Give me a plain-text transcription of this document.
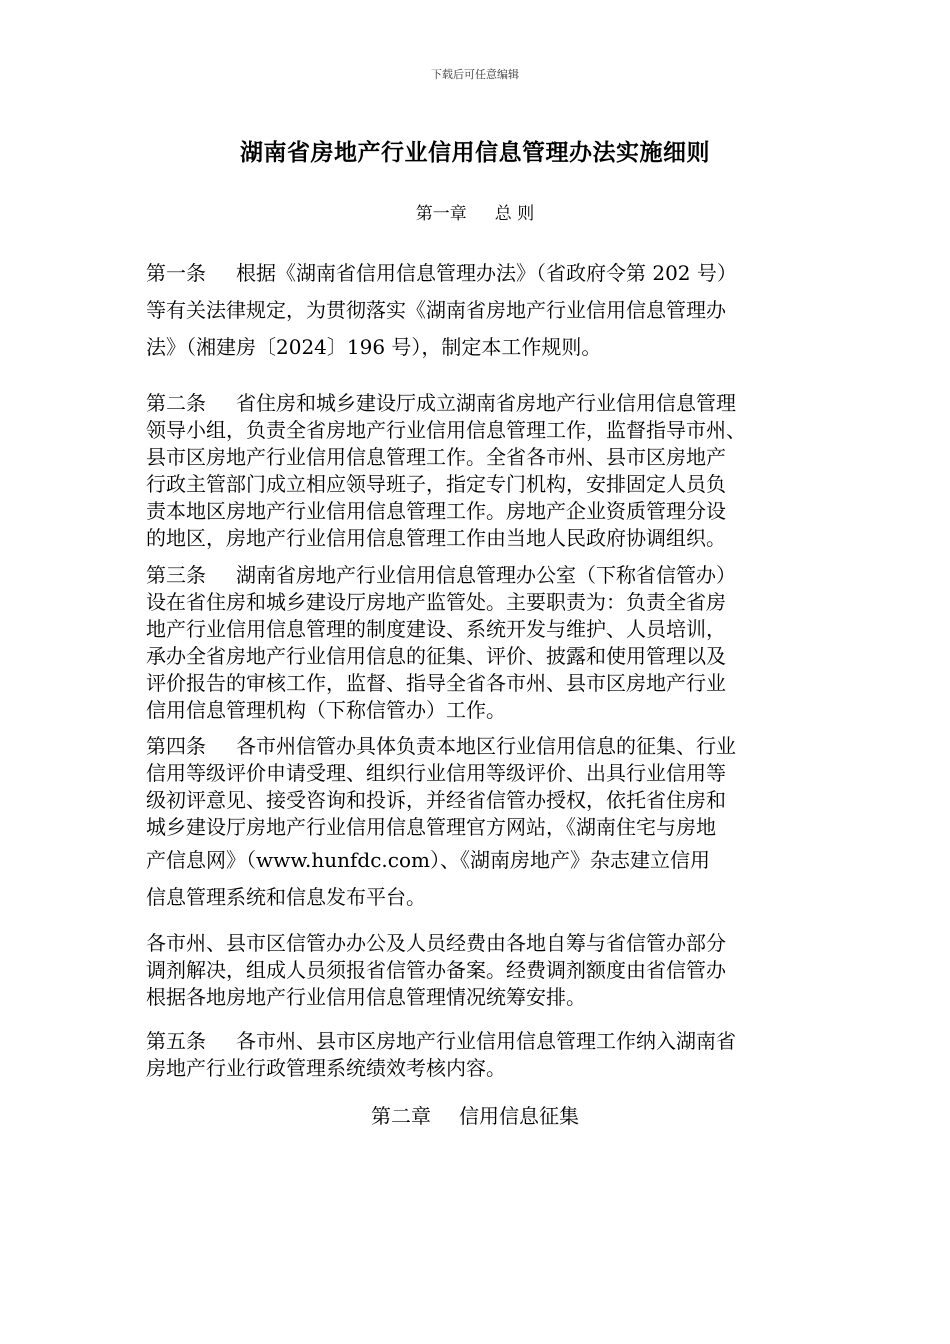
下载后可任意编辑
湖南省房地产行业信用信息管理办法实施细则
第一章 总 则
第一条 根据《湖南省信用信息管理办法》（省政府令第 202 号）
等有关法律规定，为贯彻落实《湖南省房地产行业信用信息管理办
法》（湘建房〔2024〕196 号），制定本工作规则。
第二条 省住房和城乡建设厅成立湖南省房地产行业信用信息管理
领导小组，负责全省房地产行业信用信息管理工作，监督指导市州、
县市区房地产行业信用信息管理工作。全省各市州、县市区房地产
行政主管部门成立相应领导班子，指定专门机构，安排固定人员负
责本地区房地产行业信用信息管理工作。房地产企业资质管理分设
的地区，房地产行业信用信息管理工作由当地人民政府协调组织。
第三条 湖南省房地产行业信用信息管理办公室（下称省信管办）
设在省住房和城乡建设厅房地产监管处。主要职责为：负责全省房
地产行业信用信息管理的制度建设、系统开发与维护、人员培训，
承办全省房地产行业信用信息的征集、评价、披露和使用管理以及
评价报告的审核工作，监督、指导全省各市州、县市区房地产行业
信用信息管理机构（下称信管办）工作。
第四条 各市州信管办具体负责本地区行业信用信息的征集、行业
信用等级评价申请受理、组织行业信用等级评价、出具行业信用等
级初评意见、接受咨询和投诉，并经省信管办授权，依托省住房和
城乡建设厅房地产行业信用信息管理官方网站，《湖南住宅与房地
产信息网》（www.hunfdc.com）、《湖南房地产》杂志建立信用
信息管理系统和信息发布平台。
各市州、县市区信管办办公及人员经费由各地自筹与省信管办部分
调剂解决，组成人员须报省信管办备案。经费调剂额度由省信管办
根据各地房地产行业信用信息管理情况统筹安排。
第五条 各市州、县市区房地产行业信用信息管理工作纳入湖南省
房地产行业行政管理系统绩效考核内容。
第二章 信用信息征集
